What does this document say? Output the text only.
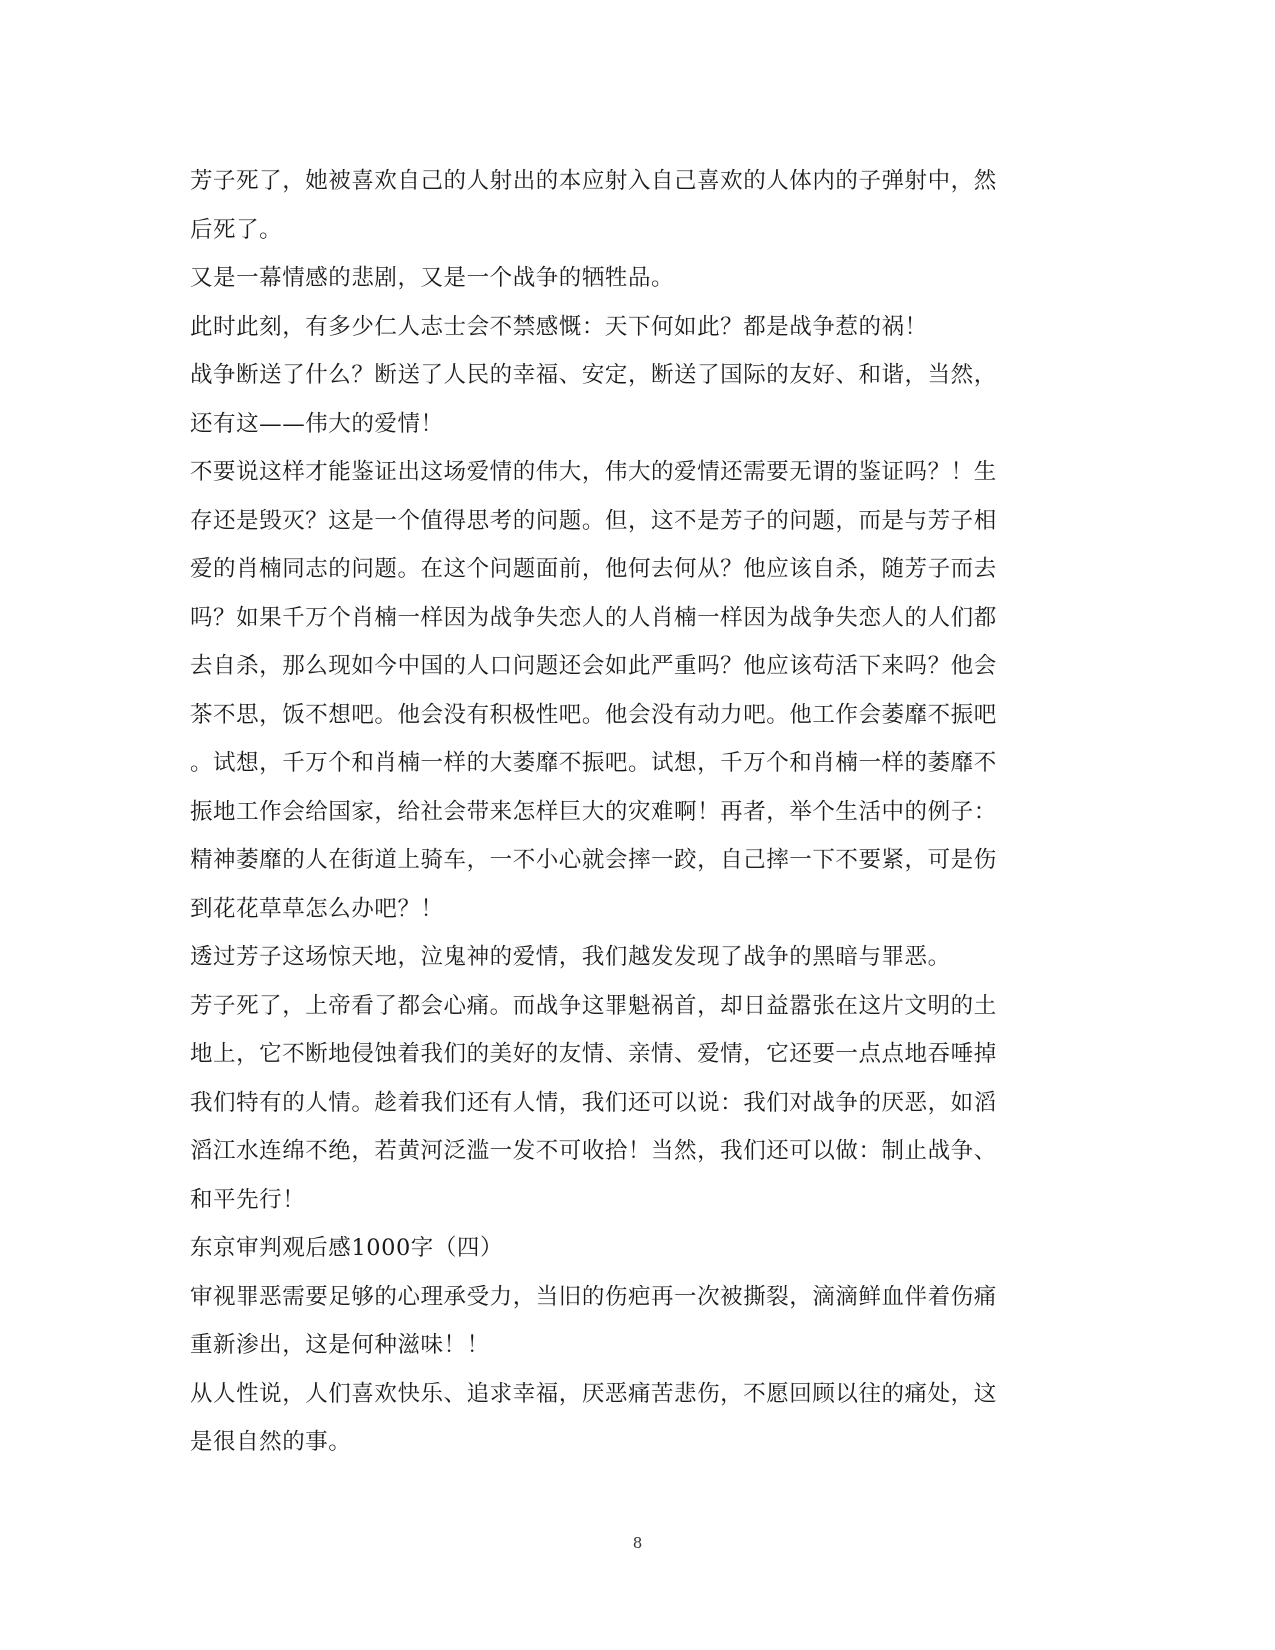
芳子死了，她被喜欢自己的人射出的本应射入自己喜欢的人体内的子弹射中，然
后死了。
又是一幕情感的悲剧，又是一个战争的牺牲品。
此时此刻，有多少仁人志士会不禁感慨：天下何如此？都是战争惹的祸！
战争断送了什么？断送了人民的幸福、安定，断送了国际的友好、和谐，当然，
还有这——伟大的爱情！
不要说这样才能鉴证出这场爱情的伟大，伟大的爱情还需要无谓的鉴证吗？！生
存还是毁灭？这是一个值得思考的问题。但，这不是芳子的问题，而是与芳子相
爱的肖楠同志的问题。在这个问题面前，他何去何从？他应该自杀，随芳子而去
吗？如果千万个肖楠一样因为战争失恋人的人肖楠一样因为战争失恋人的人们都
去自杀，那么现如今中国的人口问题还会如此严重吗？他应该苟活下来吗？他会
茶不思，饭不想吧。他会没有积极性吧。他会没有动力吧。他工作会萎靡不振吧
。试想，千万个和肖楠一样的大萎靡不振吧。试想，千万个和肖楠一样的萎靡不
振地工作会给国家，给社会带来怎样巨大的灾难啊！再者，举个生活中的例子：
精神萎靡的人在街道上骑车，一不小心就会摔一跤，自己摔一下不要紧，可是伤
到花花草草怎么办吧？！
透过芳子这场惊天地，泣鬼神的爱情，我们越发发现了战争的黑暗与罪恶。
芳子死了，上帝看了都会心痛。而战争这罪魁祸首，却日益嚣张在这片文明的土
地上，它不断地侵蚀着我们的美好的友情、亲情、爱情，它还要一点点地吞唾掉
我们特有的人情。趁着我们还有人情，我们还可以说：我们对战争的厌恶，如滔
滔江水连绵不绝，若黄河泛滥一发不可收拾！当然，我们还可以做：制止战争、
和平先行！
东京审判观后感1000字（四）
审视罪恶需要足够的心理承受力，当旧的伤疤再一次被撕裂，滴滴鲜血伴着伤痛
重新渗出，这是何种滋味！！
从人性说，人们喜欢快乐、追求幸福，厌恶痛苦悲伤，不愿回顾以往的痛处，这
是很自然的事。
8
